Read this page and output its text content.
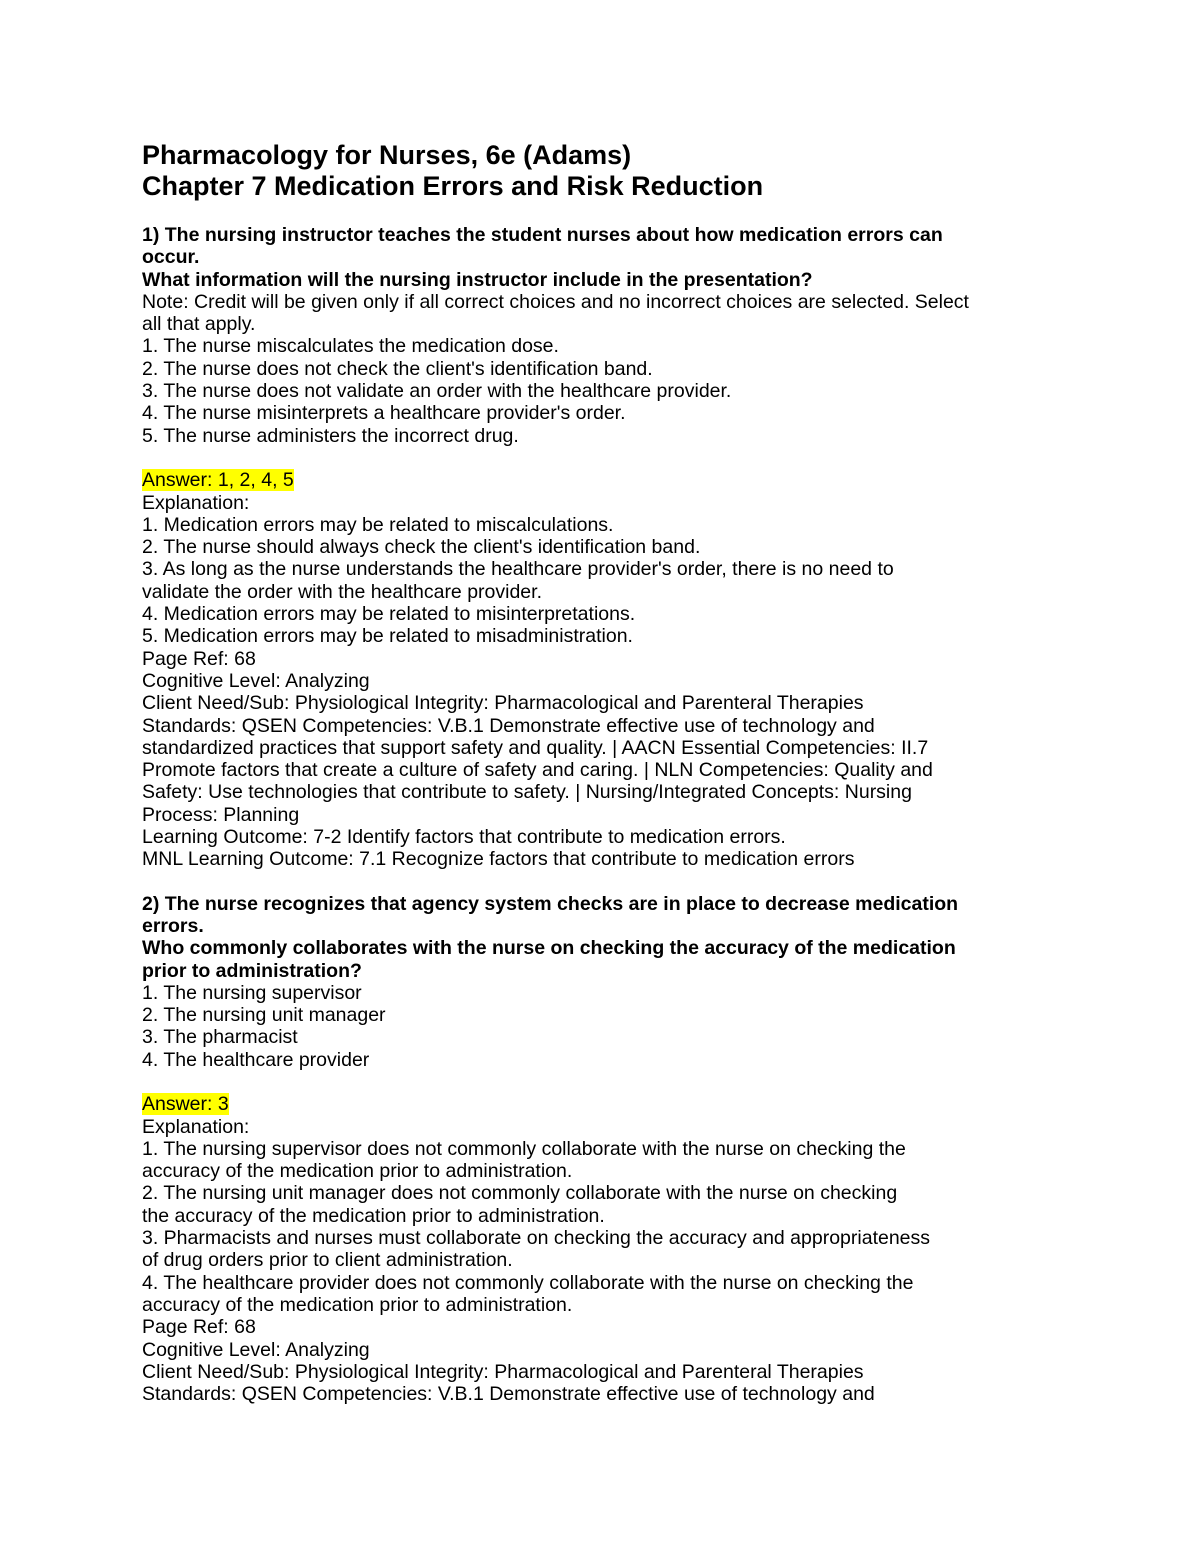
Pharmacology for Nurses, 6e (Adams)
Chapter 7 Medication Errors and Risk Reduction
1) The nursing instructor teaches the student nurses about how medication errors can
occur.
What information will the nursing instructor include in the presentation?
Note: Credit will be given only if all correct choices and no incorrect choices are selected. Select
all that apply.
1. The nurse miscalculates the medication dose.
2. The nurse does not check the client's identification band.
3. The nurse does not validate an order with the healthcare provider.
4. The nurse misinterprets a healthcare provider's order.
5. The nurse administers the incorrect drug.
Answer: 1, 2, 4, 5
Explanation:
1. Medication errors may be related to miscalculations.
2. The nurse should always check the client's identification band.
3. As long as the nurse understands the healthcare provider's order, there is no need to
validate the order with the healthcare provider.
4. Medication errors may be related to misinterpretations.
5. Medication errors may be related to misadministration.
Page Ref: 68
Cognitive Level: Analyzing
Client Need/Sub: Physiological Integrity: Pharmacological and Parenteral Therapies
Standards: QSEN Competencies: V.B.1 Demonstrate effective use of technology and
standardized practices that support safety and quality. | AACN Essential Competencies: II.7
Promote factors that create a culture of safety and caring. | NLN Competencies: Quality and
Safety: Use technologies that contribute to safety. | Nursing/Integrated Concepts: Nursing
Process: Planning
Learning Outcome: 7-2 Identify factors that contribute to medication errors.
MNL Learning Outcome: 7.1 Recognize factors that contribute to medication errors
2) The nurse recognizes that agency system checks are in place to decrease medication
errors.
Who commonly collaborates with the nurse on checking the accuracy of the medication
prior to administration?
1. The nursing supervisor
2. The nursing unit manager
3. The pharmacist
4. The healthcare provider
Answer: 3
Explanation:
1. The nursing supervisor does not commonly collaborate with the nurse on checking the
accuracy of the medication prior to administration.
2. The nursing unit manager does not commonly collaborate with the nurse on checking
the accuracy of the medication prior to administration.
3. Pharmacists and nurses must collaborate on checking the accuracy and appropriateness
of drug orders prior to client administration.
4. The healthcare provider does not commonly collaborate with the nurse on checking the
accuracy of the medication prior to administration.
Page Ref: 68
Cognitive Level: Analyzing
Client Need/Sub: Physiological Integrity: Pharmacological and Parenteral Therapies
Standards: QSEN Competencies: V.B.1 Demonstrate effective use of technology and
